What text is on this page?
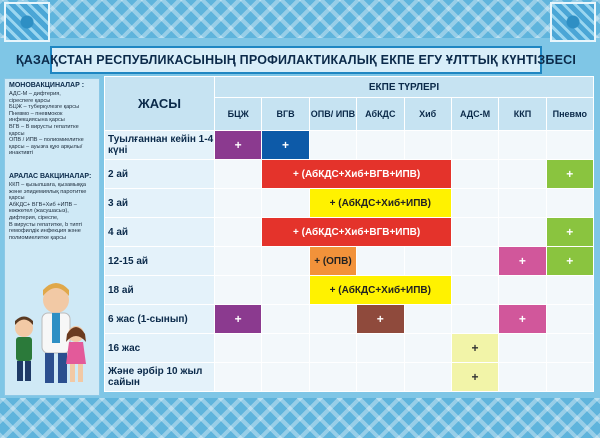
ҚАЗАҚСТАН РЕСПУБЛИКАСЫНЫҢ ПРОФИЛАКТИКАЛЫҚ ЕКПЕ ЕГУ ҰЛТТЫҚ КҮНТІЗБЕСІ
МОНОВАКЦИНАЛАР :
АДС-М – дифтерия,
сіреспеге қарсы
БЦЖ – туберкулезге қарсы
Пневмо – пневмокок
инфекциясына қарсы
ВГВ – В вирусты гепатитке
қарсы
ОПВ / ИПВ – полиомиелитке
қарсы – ауызға құю арқылы/
инактивті
АРАЛАС ВАКЦИНАЛАР:
ККП – қызылшаға, қызамыққа
және эпидемиялық паротитке
қарсы
АбКДС+ ВГВ+Хиб +ИПВ –
көкжөтел (жасушасыз),
дифтерия, сіреспе,
В вирусты гепатитке, b типті
гемофилдік инфекция және
полиомиелитке қарсы
ЖАСЫ	ЕКПЕ ТҮРЛЕРІ							
	БЦЖ	ВГВ	ОПВ/ ИПВ	АбКДС	Хиб	АДС-М	ККП	Пневмо
Туылғаннан кейін 1-4 күні	+	+						
2 ай		+ (АбКДС+Хиб+ВГВ+ИПВ)						+
3 ай			+ (АбКДС+Хиб+ИПВ)					
4 ай		+ (АбКДС+Хиб+ВГВ+ИПВ)						+
12-15 ай			+ (ОПВ)				+	+
18 ай			+ (АбКДС+Хиб+ИПВ)					
6 жас (1-сынып)	+			+			+	
16 жас						+		
Және әрбір 10 жыл сайын						+		
